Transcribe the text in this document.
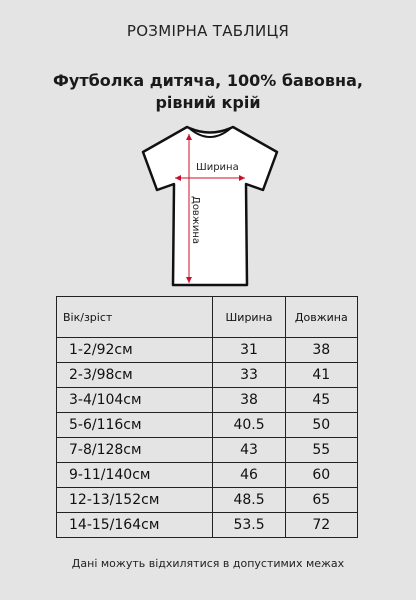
РОЗМІРНА ТАБЛИЦЯ
Футболка дитяча, 100% бавовна,
рівний крій
Ширина
Довжина
Вік/зріст	Ширина	Довжина
1-2/92см	31	38
2-3/98см	33	41
3-4/104см	38	45
5-6/116см	40.5	50
7-8/128см	43	55
9-11/140см	46	60
12-13/152см	48.5	65
14-15/164см	53.5	72
Дані можуть відхилятися в допустимих межах
